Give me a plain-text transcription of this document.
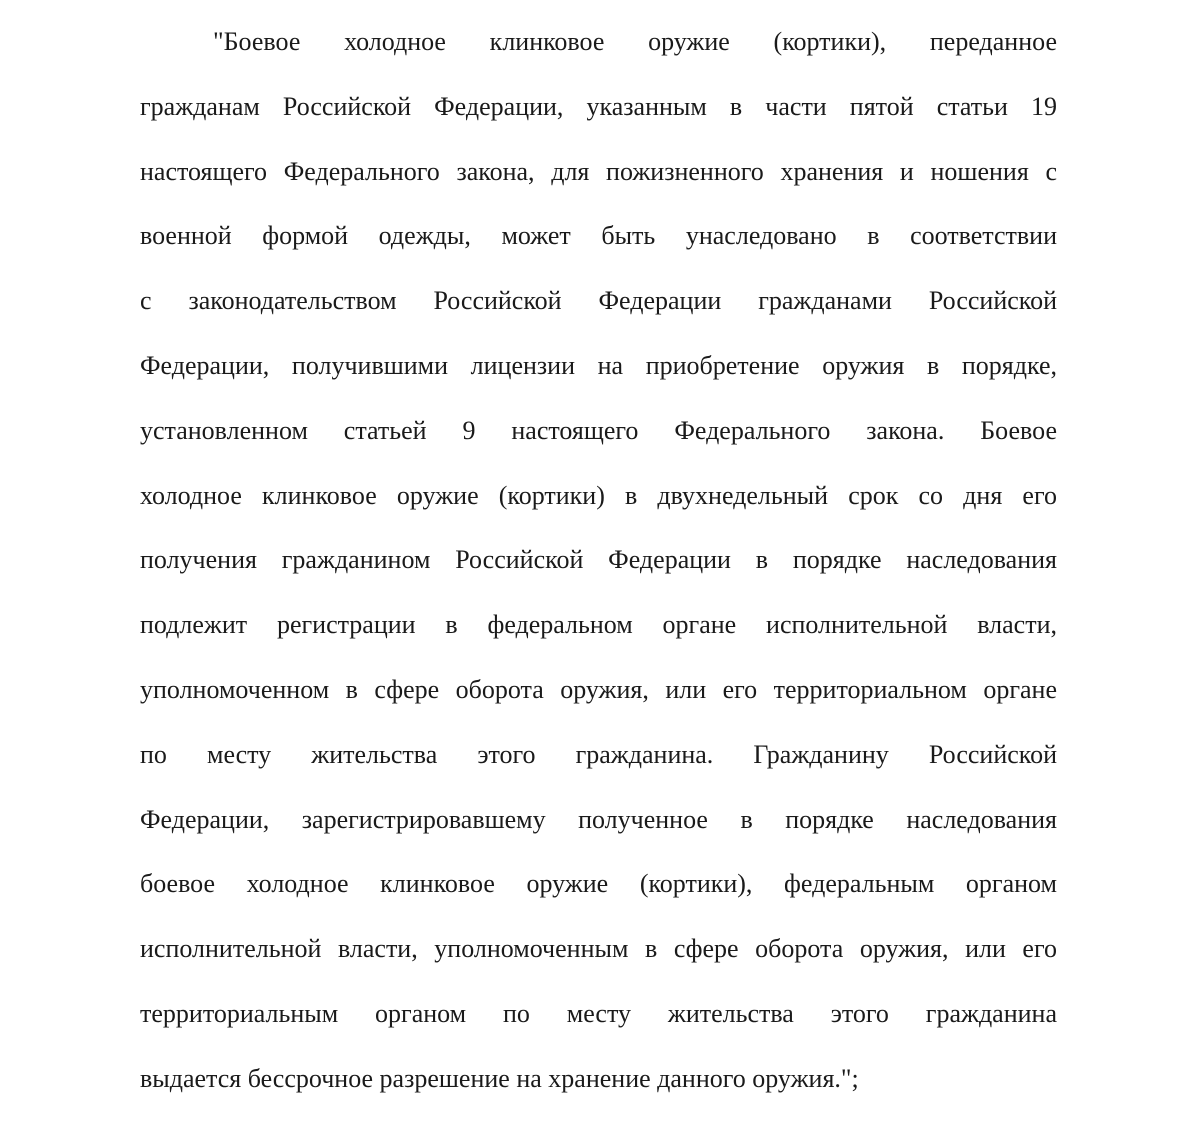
"Боевое холодное клинковое оружие (кортики), переданное
гражданам Российской Федерации, указанным в части пятой статьи 19
настоящего Федерального закона, для пожизненного хранения и ношения с
военной формой одежды, может быть унаследовано в соответствии
с законодательством Российской Федерации гражданами Российской
Федерации, получившими лицензии на приобретение оружия в порядке,
установленном статьей 9 настоящего Федерального закона. Боевое
холодное клинковое оружие (кортики) в двухнедельный срок со дня его
получения гражданином Российской Федерации в порядке наследования
подлежит регистрации в федеральном органе исполнительной власти,
уполномоченном в сфере оборота оружия, или его территориальном органе
по месту жительства этого гражданина. Гражданину Российской
Федерации, зарегистрировавшему полученное в порядке наследования
боевое холодное клинковое оружие (кортики), федеральным органом
исполнительной власти, уполномоченным в сфере оборота оружия, или его
территориальным органом по месту жительства этого гражданина
выдается бессрочное разрешение на хранение данного оружия.";
